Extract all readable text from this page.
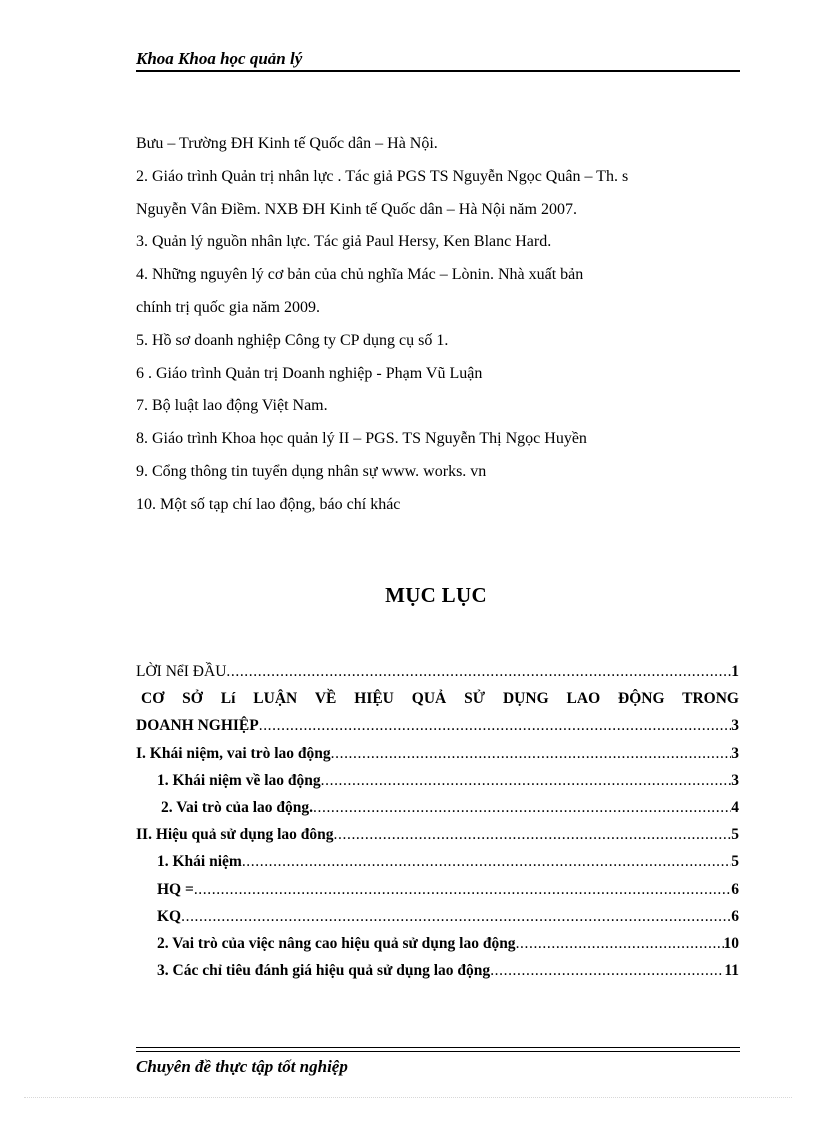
Khoa Khoa học quản lý
Bưu – Trường ĐH Kinh tế Quốc dân – Hà Nội.
2. Giáo trình Quản trị nhân lực . Tác giả PGS TS Nguyễn Ngọc Quân – Th. s
Nguyễn Vân Điềm. NXB ĐH Kinh tế Quốc dân – Hà Nội năm 2007.
3. Quản lý nguồn nhân lực. Tác giả Paul Hersy, Ken Blanc Hard.
4. Những nguyên lý cơ bản của chủ nghĩa Mác – Lònin. Nhà xuất bản
chính trị quốc gia năm 2009.
5. Hồ sơ doanh nghiệp Công ty CP dụng cụ số 1.
6 . Giáo trình Quản trị Doanh nghiệp - Phạm Vũ Luận
7. Bộ luật lao động Việt Nam.
8. Giáo trình Khoa học quản lý II – PGS. TS Nguyễn Thị Ngọc Huyền
9. Cổng thông tin tuyển dụng nhân sự www. works. vn
10. Một số tạp chí lao động, báo chí khác
MỤC LỤC
LỜI NểI ĐẦU .....	1
CƠ SỞ Lí LUẬN VỀ HIỆU QUẢ SỬ DỤNG LAO ĐỘNG TRONG
DOANH NGHIỆP .....	3
I. Khái niệm, vai trò lao động .....	3
1. Khái niệm về lao động .....	3
2. Vai trò của lao động. .....	4
II. Hiệu quả sử dụng lao đông .....	5
1. Khái niệm .....	5
HQ = .....	6
KQ .....	6
2. Vai trò của việc nâng cao hiệu quả sử dụng lao động .....	10
3. Các chỉ tiêu đánh giá hiệu quả sử dụng lao động .....	11
Chuyên đề thực tập tốt nghiệp
